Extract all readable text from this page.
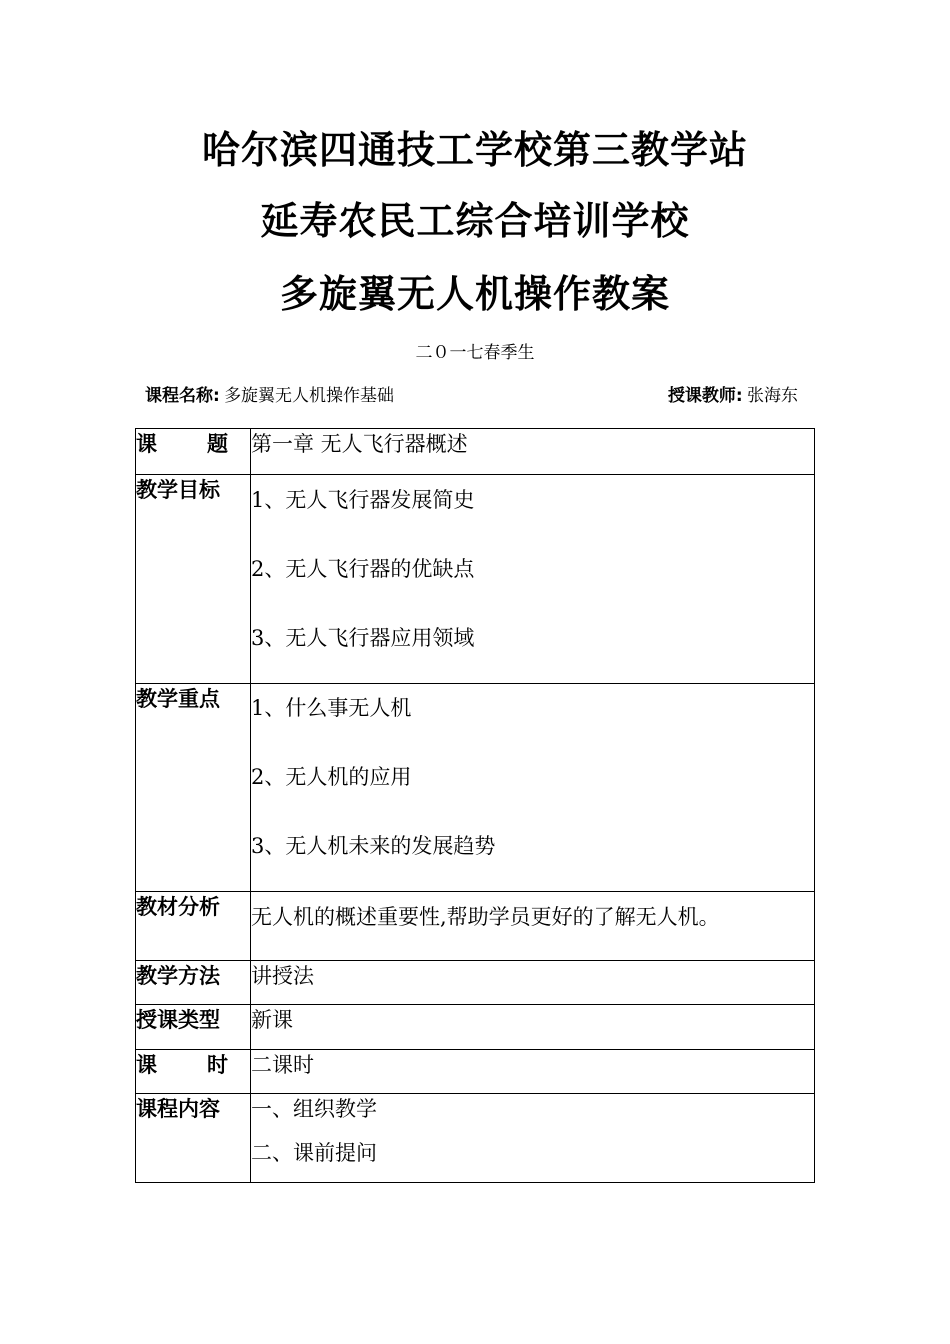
哈尔滨四通技工学校第三教学站
延寿农民工综合培训学校
多旋翼无人机操作教案
二０一七春季生
课程名称: 多旋翼无人机操作基础	授课教师: 张海东
课 题	第一章 无人飞行器概述
教学目标	1、无人飞行器发展简史
2、无人飞行器的优缺点
3、无人飞行器应用领域

教学重点	1、什么事无人机
2、无人机的应用
3、无人机未来的发展趋势

教材分析	无人机的概述重要性,帮助学员更好的了解无人机。
教学方法	讲授法
授课类型	新课

课 时	二课时
课程内容	一、组织教学
二、课前提问
